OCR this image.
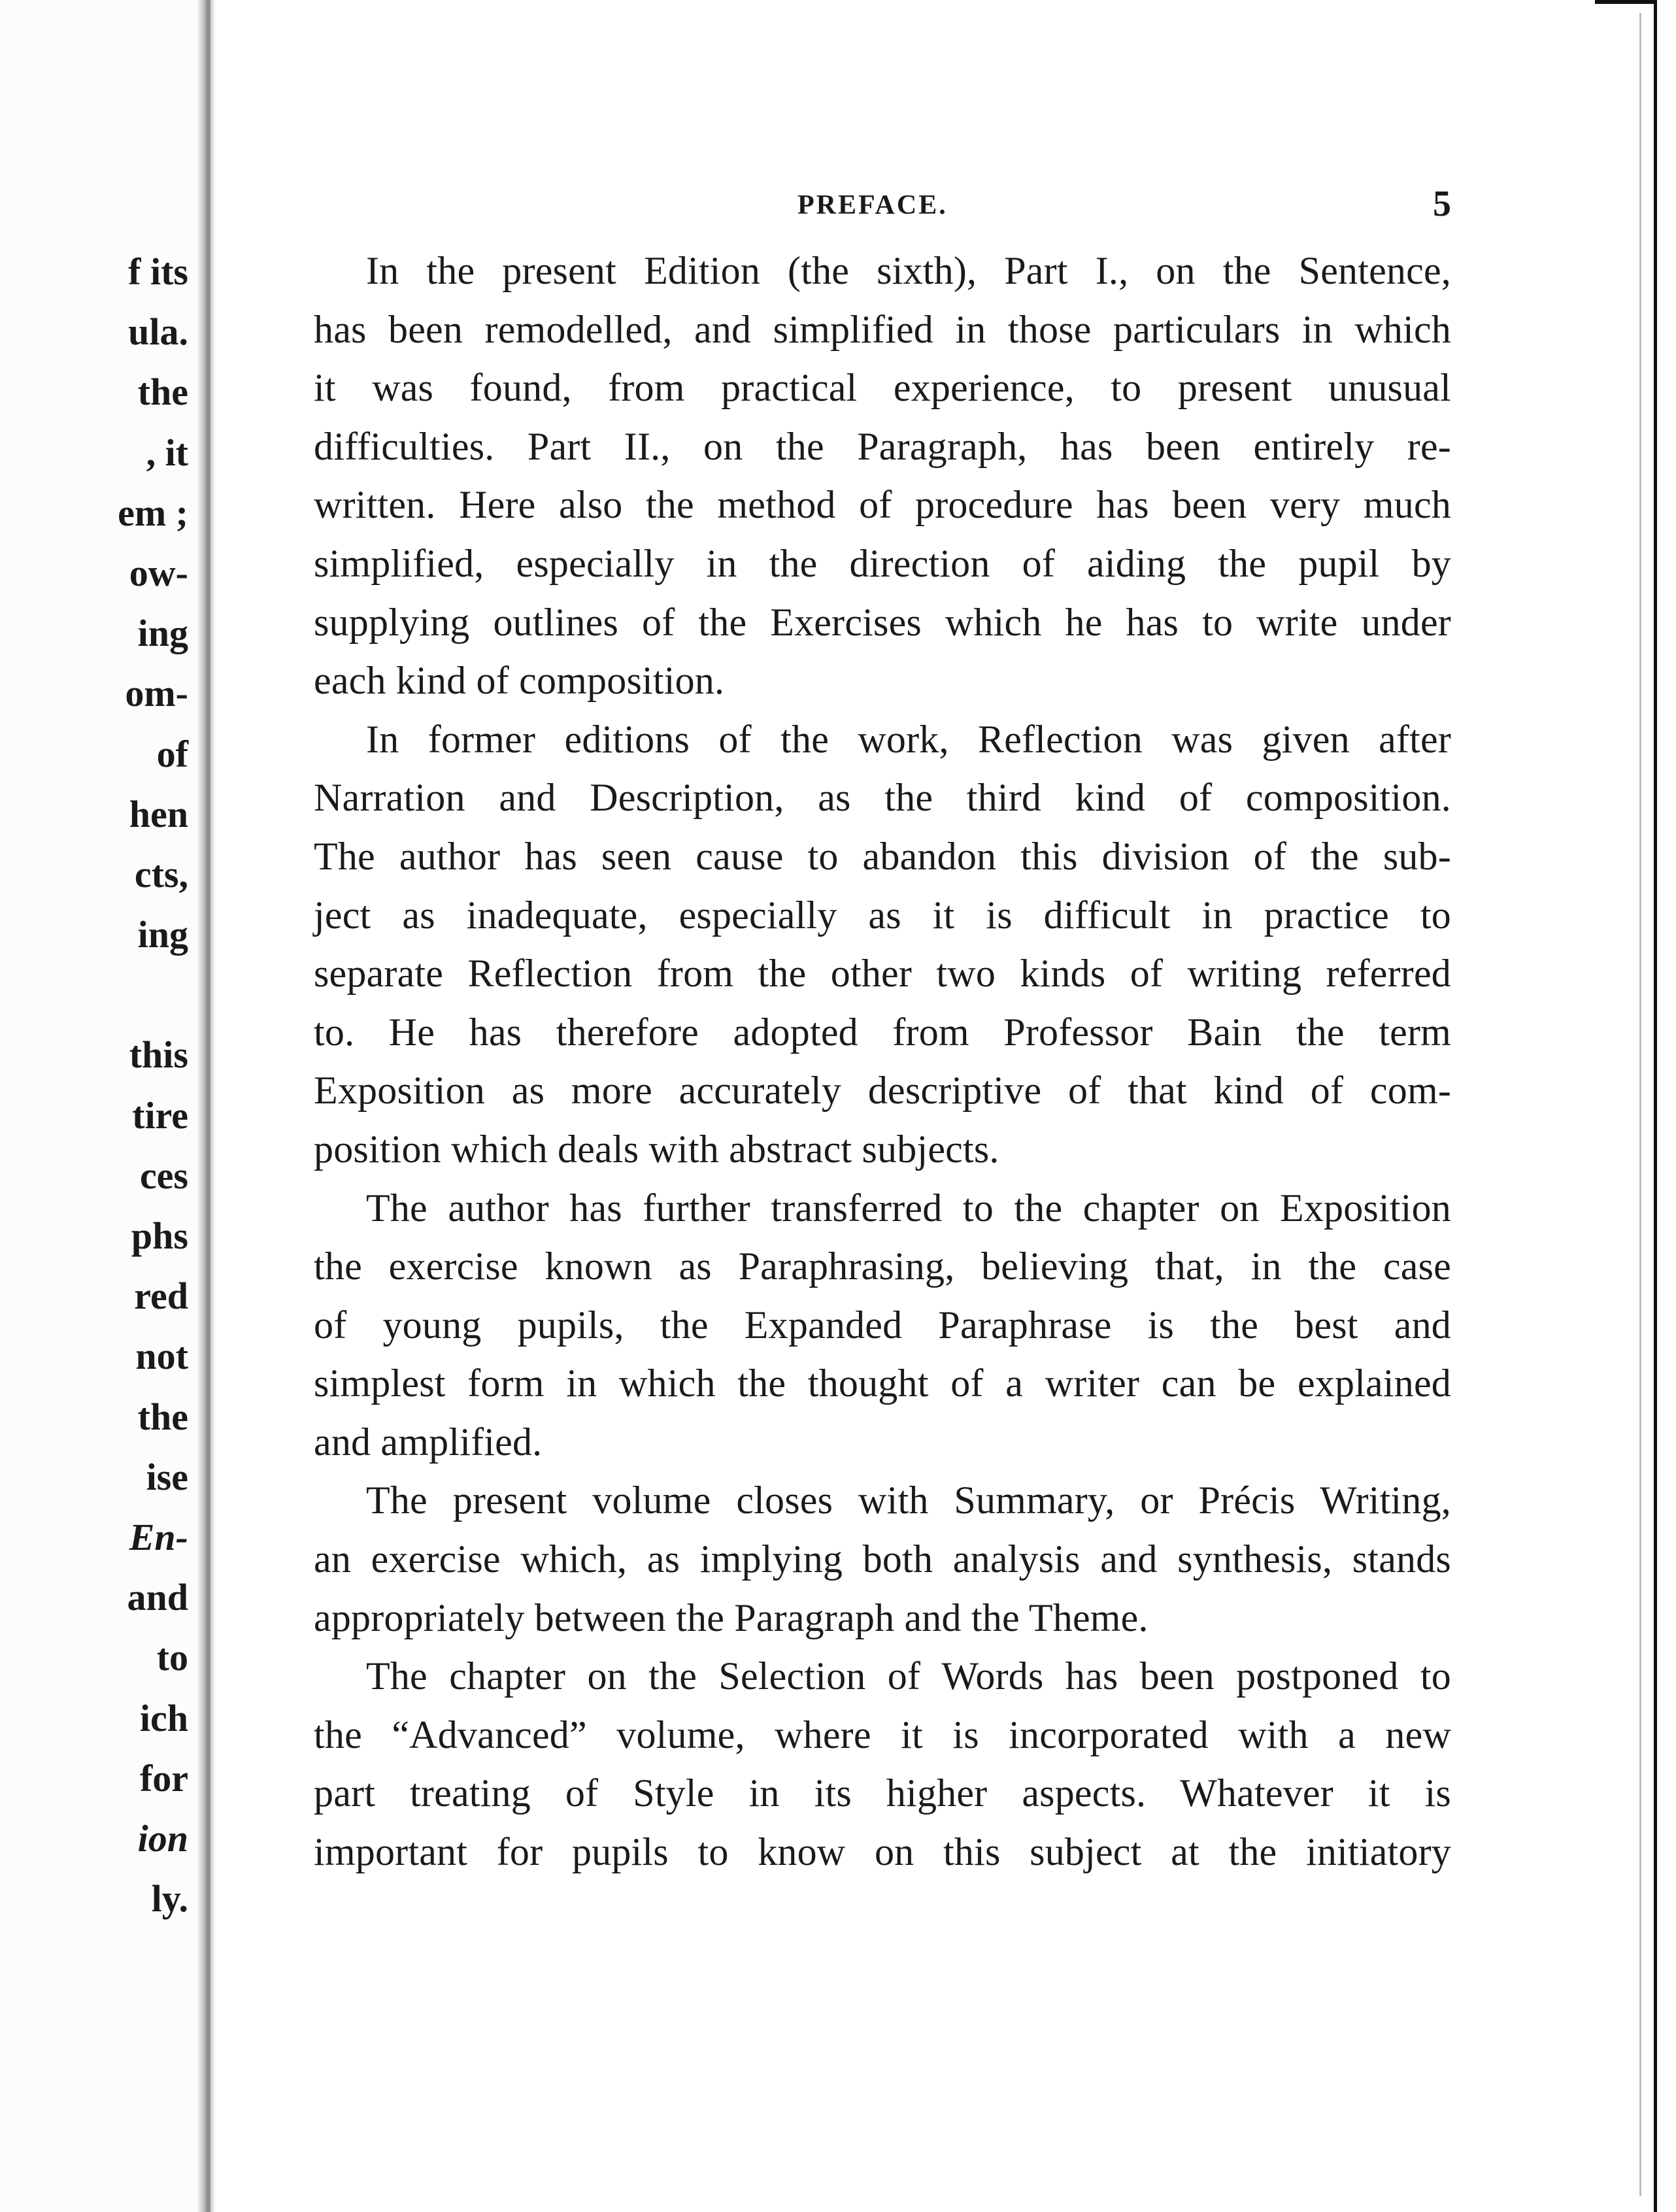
f its
ula.
the
, it
em ;
ow-
ing
om-
of
hen
cts,
ing
this
tire
ces
phs
red
not
the
ise
En-
and
to
ich
for
ion
ly.
PREFACE.	5

In the present Edition (the sixth), Part I., on the Sentence,
has been remodelled, and simplified in those particulars in which
it was found, from practical experience, to present unusual
difficulties. Part II., on the Paragraph, has been entirely re-
written. Here also the method of procedure has been very much
simplified, especially in the direction of aiding the pupil by
supplying outlines of the Exercises which he has to write under
each kind of composition.

In former editions of the work, Reflection was given after
Narration and Description, as the third kind of composition.
The author has seen cause to abandon this division of the sub-
ject as inadequate, especially as it is difficult in practice to
separate Reflection from the other two kinds of writing referred
to. He has therefore adopted from Professor Bain the term
Exposition as more accurately descriptive of that kind of com-
position which deals with abstract subjects.

The author has further transferred to the chapter on Exposition
the exercise known as Paraphrasing, believing that, in the case
of young pupils, the Expanded Paraphrase is the best and
simplest form in which the thought of a writer can be explained
and amplified.

The present volume closes with Summary, or Précis Writing,
an exercise which, as implying both analysis and synthesis, stands
appropriately between the Paragraph and the Theme.

The chapter on the Selection of Words has been postponed to
the “Advanced” volume, where it is incorporated with a new
part treating of Style in its higher aspects. Whatever it is
important for pupils to know on this subject at the initiatory
